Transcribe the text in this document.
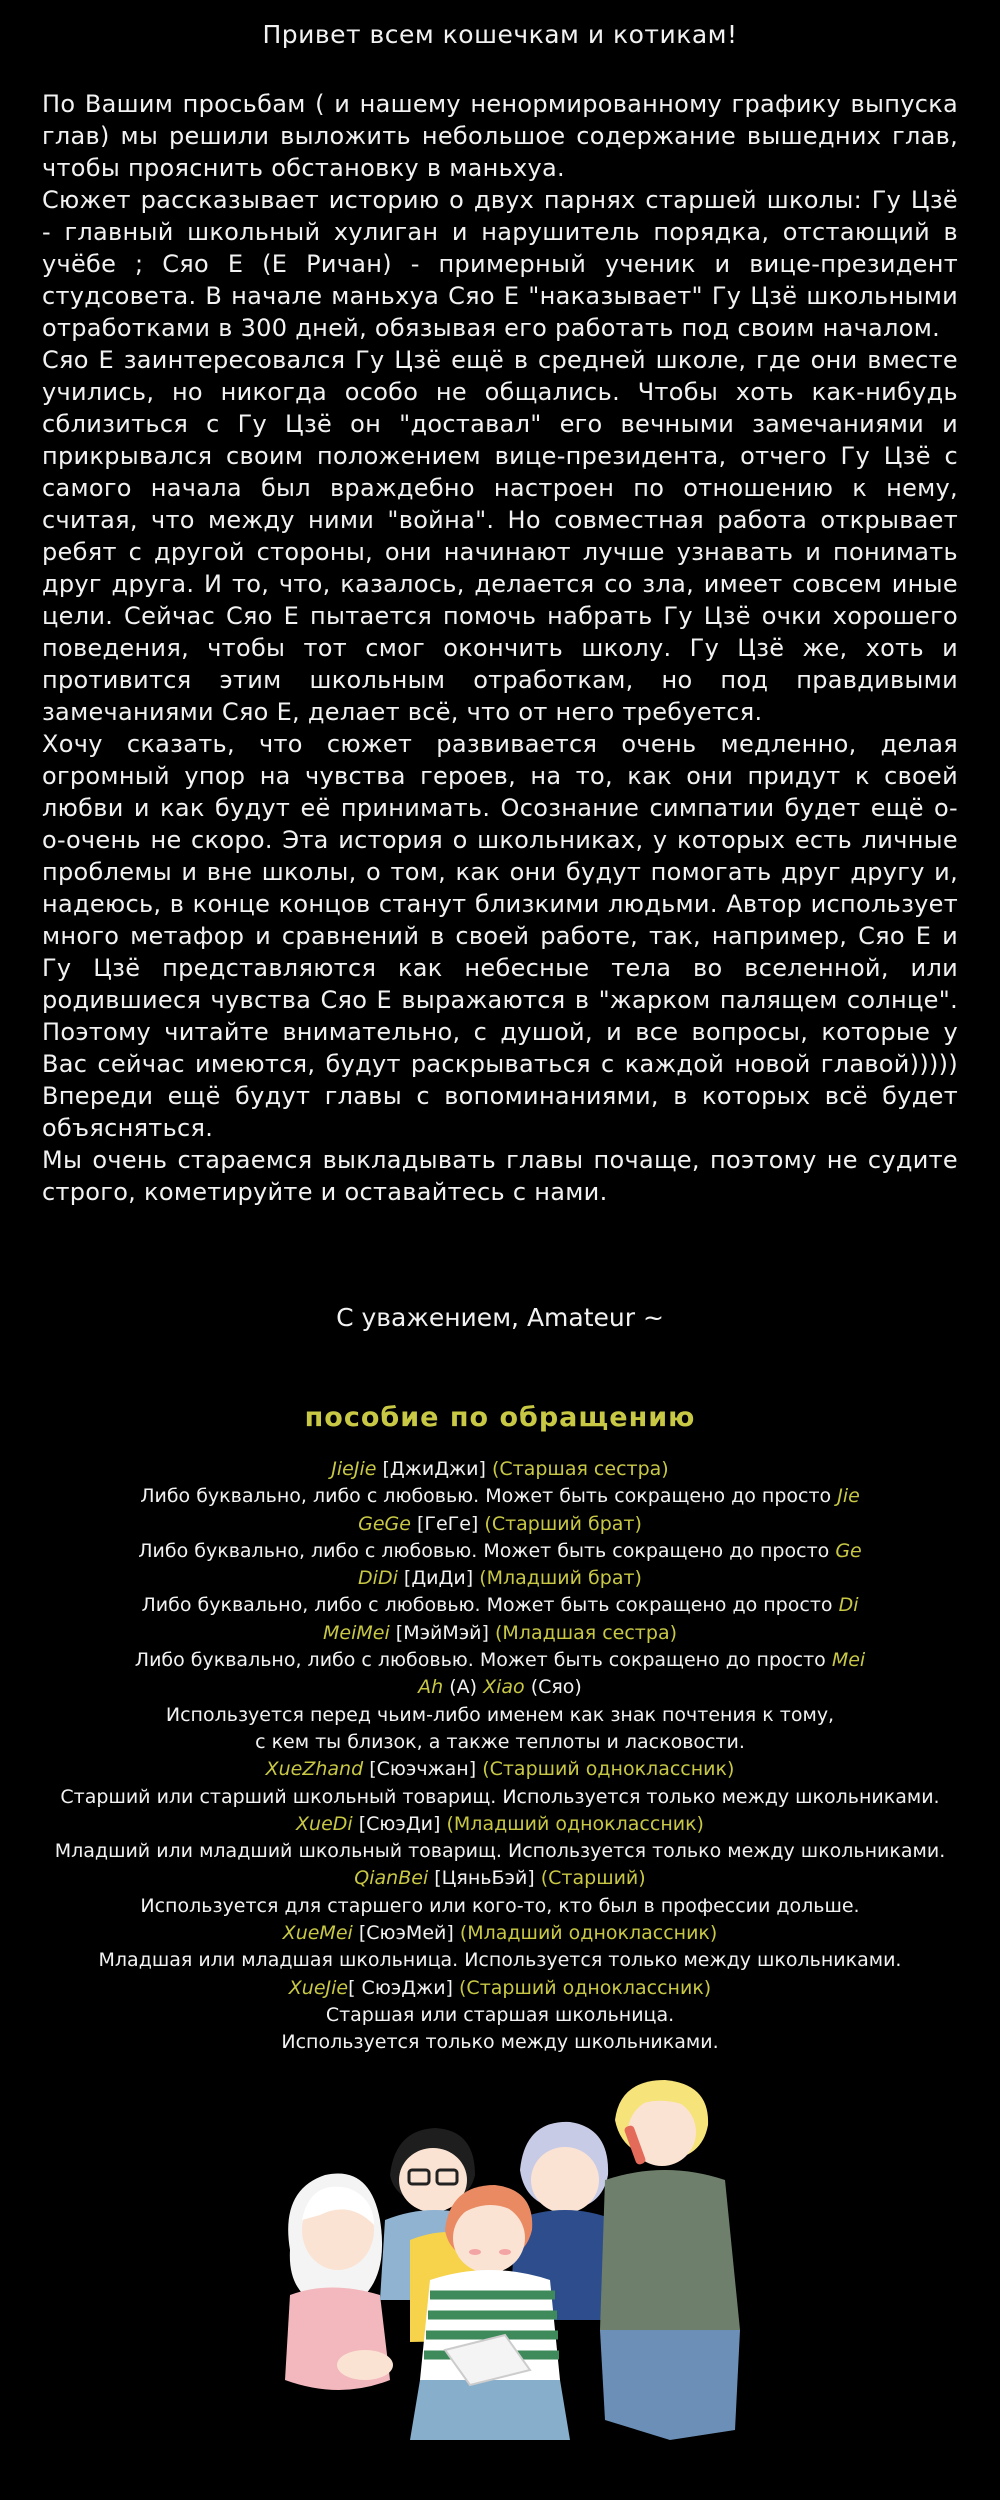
Привет всем кошечкам и котикам!

По Вашим просьбам ( и нашему ненормированному графику выпуска глав) мы решили выложить небольшое содержание вышедних глав, чтобы прояснить обстановку в маньхуа.

Сюжет рассказывает историю о двух парнях старшей школы: Гу Цзё - главный школьный хулиган и нарушитель порядка, отстающий в учёбе ; Сяо Е (Е Ричан) - примерный ученик и вице-президент студсовета. В начале маньхуа Сяо Е "наказывает" Гу Цзё школьными отработками в 300 дней, обязывая его работать под своим началом.

Сяо Е заинтересовался Гу Цзё ещё в средней школе, где они вместе учились, но никогда особо не общались. Чтобы хоть как-нибудь сблизиться с Гу Цзё он "доставал" его вечными замечаниями и прикрывался своим положением вице-президента, отчего Гу Цзё с самого начала был враждебно настроен по отношению к нему, считая, что между ними "война". Но совместная работа открывает ребят с другой стороны, они начинают лучше узнавать и понимать друг друга. И то, что, казалось, делается со зла, имеет совсем иные цели. Сейчас Сяо Е пытается помочь набрать Гу Цзё очки хорошего поведения, чтобы тот смог окончить школу. Гу Цзё же, хоть и противится этим школьным отработкам, но под правдивыми замечаниями Сяо Е, делает всё, что от него требуется.

Хочу сказать, что сюжет развивается очень медленно, делая огромный упор на чувства героев, на то, как они придут к своей любви и как будут её принимать. Осознание симпатии будет ещё о-о-очень не скоро. Эта история о школьниках, у которых есть личные проблемы и вне школы, о том, как они будут помогать друг другу и, надеюсь, в конце концов станут близкими людьми. Автор использует много метафор и сравнений в своей работе, так, например, Сяо Е и Гу Цзё представляются как небесные тела во вселенной, или родившиеся чувства Сяо Е выражаются в "жарком палящем солнце". Поэтому читайте внимательно, с душой, и все вопросы, которые у Вас сейчас имеются, будут раскрываться с каждой новой главой))))) Впереди ещё будут главы с вопоминаниями, в которых всё будет объясняться.

Мы очень стараемся выкладывать главы почаще, поэтому не судите строго, кометируйте и оставайтесь с нами.

С уважением, Amateur ~
пособие по обращению
JieJie [ДжиДжи] (Старшая сестра)
Либо буквально, либо с любовью. Может быть сокращено до просто Jie
GeGe [ГеГе] (Старший брат)
Либо буквально, либо с любовью. Может быть сокращено до просто Ge
DiDi [ДиДи] (Младший брат)
Либо буквально, либо с любовью. Может быть сокращено до просто Di
MeiMei [МэйМэй] (Младшая сестра)
Либо буквально, либо с любовью. Может быть сокращено до просто Mei
Ah (А) Xiao (Сяо)
Используется перед чьим-либо именем как знак почтения к тому,
с кем ты близок, а также теплоты и ласковости.
XueZhand [Сюэчжан] (Старший одноклассник)
Старший или старший школьный товарищ. Используется только между школьниками.
XueDi [СюэДи] (Младший одноклассник)
Младший или младший школьный товарищ. Используется только между школьниками.
QianBei [ЦяньБэй] (Старший)
Используется для старшего или кого-то, кто был в профессии дольше.
XueMei [СюэМей] (Младший одноклассник)
Младшая или младшая школьница. Используется только между школьниками.
XueJie[ СюэДжи] (Старший одноклассник)
Старшая или старшая школьница.
Используется только между школьниками.
